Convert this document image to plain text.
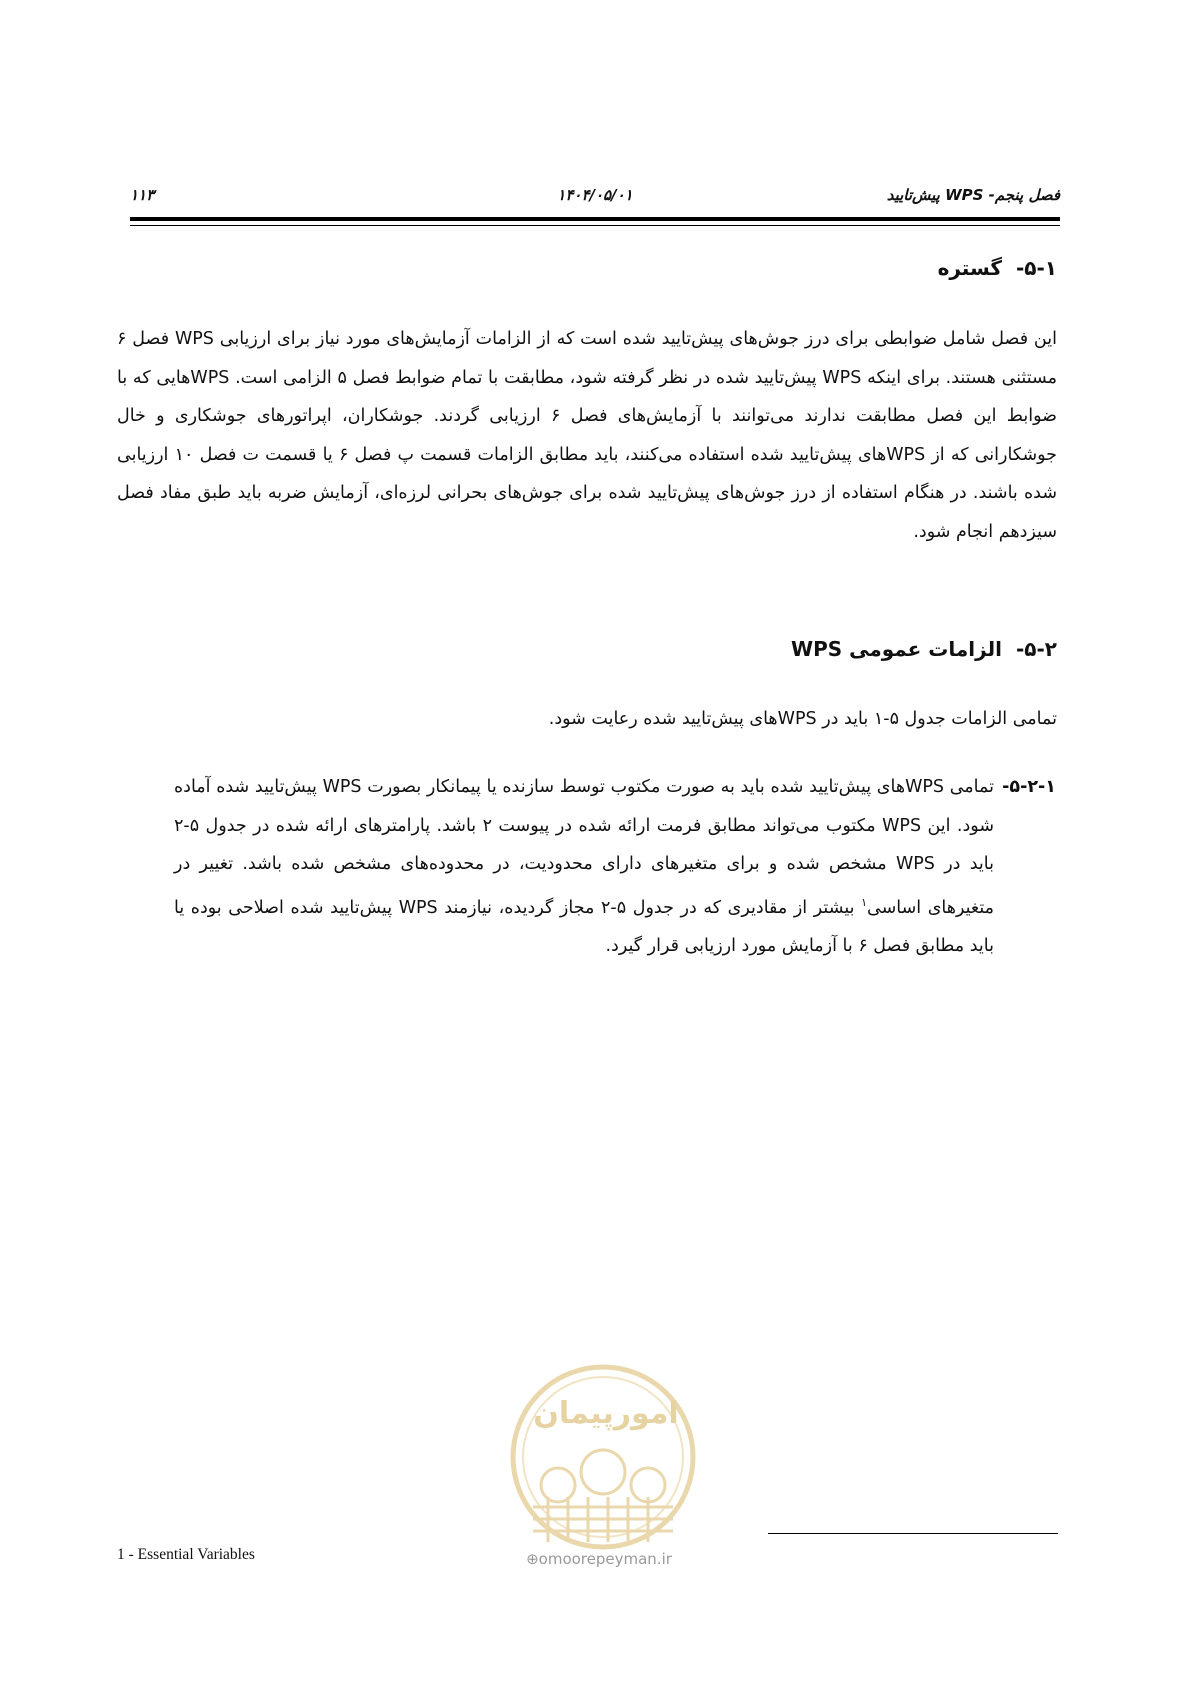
فصل پنجم- WPS پیش‌تایید
۱۴۰۴/۰۵/۰۱
۱۱۳
۵-۱-گستره

این فصل شامل ضوابطی برای درز جوش‌های پیش‌تایید شده است که از الزامات آزمایش‌های مورد نیاز برای ارزیابی WPS فصل ۶ مستثنی هستند. برای اینکه WPS پیش‌تایید شده در نظر گرفته شود، مطابقت با تمام ضوابط فصل ۵ الزامی است. WPSهایی که با ضوابط این فصل مطابقت ندارند می‌توانند با آزمایش‌های فصل ۶ ارزیابی گردند. جوشکاران، اپراتورهای جوشکاری و خال جوشکارانی که از WPSهای پیش‌تایید شده استفاده می‌کنند، باید مطابق الزامات قسمت پ فصل ۶ یا قسمت ت فصل ۱۰ ارزیابی شده باشند. در هنگام استفاده از درز جوش‌های پیش‌تایید شده برای جوش‌های بحرانی لرزه‌ای، آزمایش ضربه باید طبق مفاد فصل سیزدهم انجام شود.

۵-۲-الزامات عمومی WPS
تمامی الزامات جدول ۵-۱ باید در WPSهای پیش‌تایید شده رعایت شود.
۵-۲-۱-
تمامی WPSهای پیش‌تایید شده باید به صورت مکتوب توسط سازنده یا پیمانکار بصورت WPS پیش‌تایید شده آماده شود. این WPS مکتوب می‌تواند مطابق فرمت ارائه شده در پیوست ۲ باشد. پارامترهای ارائه شده در جدول ۵-۲ باید در WPS مشخص شده و برای متغیرهای دارای محدودیت، در محدوده‌های مشخص شده باشد. تغییر در متغیرهای اساسی$^۱$ بیشتر از مقادیری که در جدول ۵-۲ مجاز گردیده، نیازمند WPS پیش‌تایید شده اصلاحی بوده یا باید مطابق فصل ۶ با آزمایش مورد ارزیابی قرار گیرد.
امورپیمان
⊕omoorepeyman.ir
1 - Essential Variables
